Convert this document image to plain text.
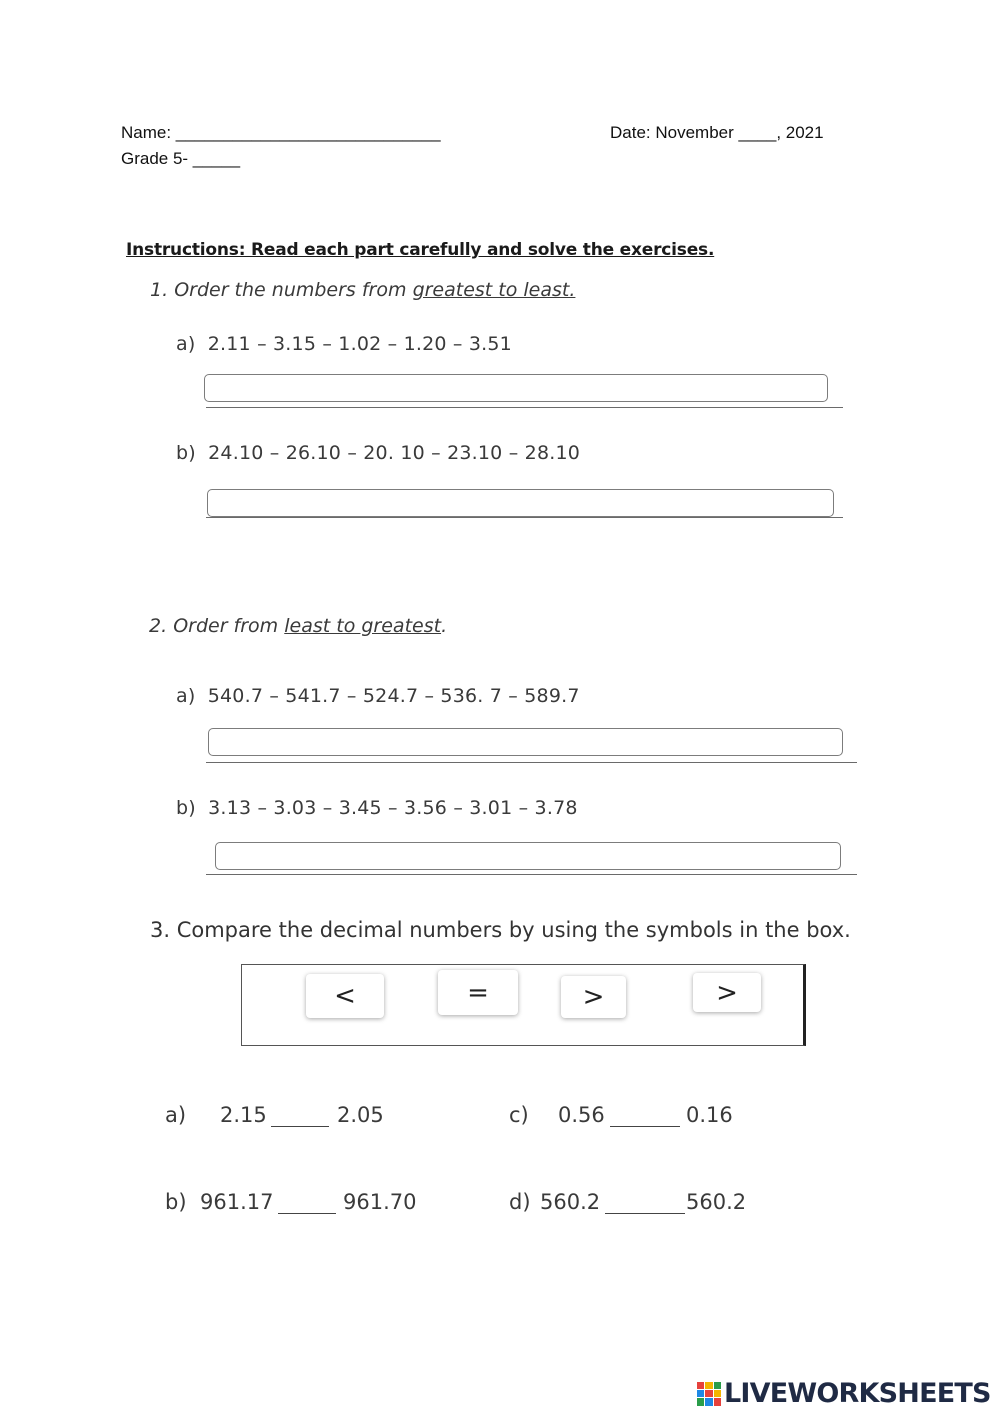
Name: ____________________________	Date: November ____, 2021
Grade 5- _____
Instructions: Read each part carefully and solve the exercises.
1. Order the numbers from greatest to least.
a) 2.11 – 3.15 – 1.02 – 1.20 – 3.51
b) 24.10 – 26.10 – 20. 10 – 23.10 – 28.10
2. Order from least to greatest.
a) 540.7 – 541.7 – 524.7 – 536. 7 – 589.7
b) 3.13 – 3.03 – 3.45 – 3.56 – 3.01 – 3.78
3. Compare the decimal numbers by using the symbols in the box.
<	=	>	>
a) 2.15	2.05	c) 0.56	0.16
b) 961.17	961.70	d) 560.2	560.2
LIVEWORKSHEETS
